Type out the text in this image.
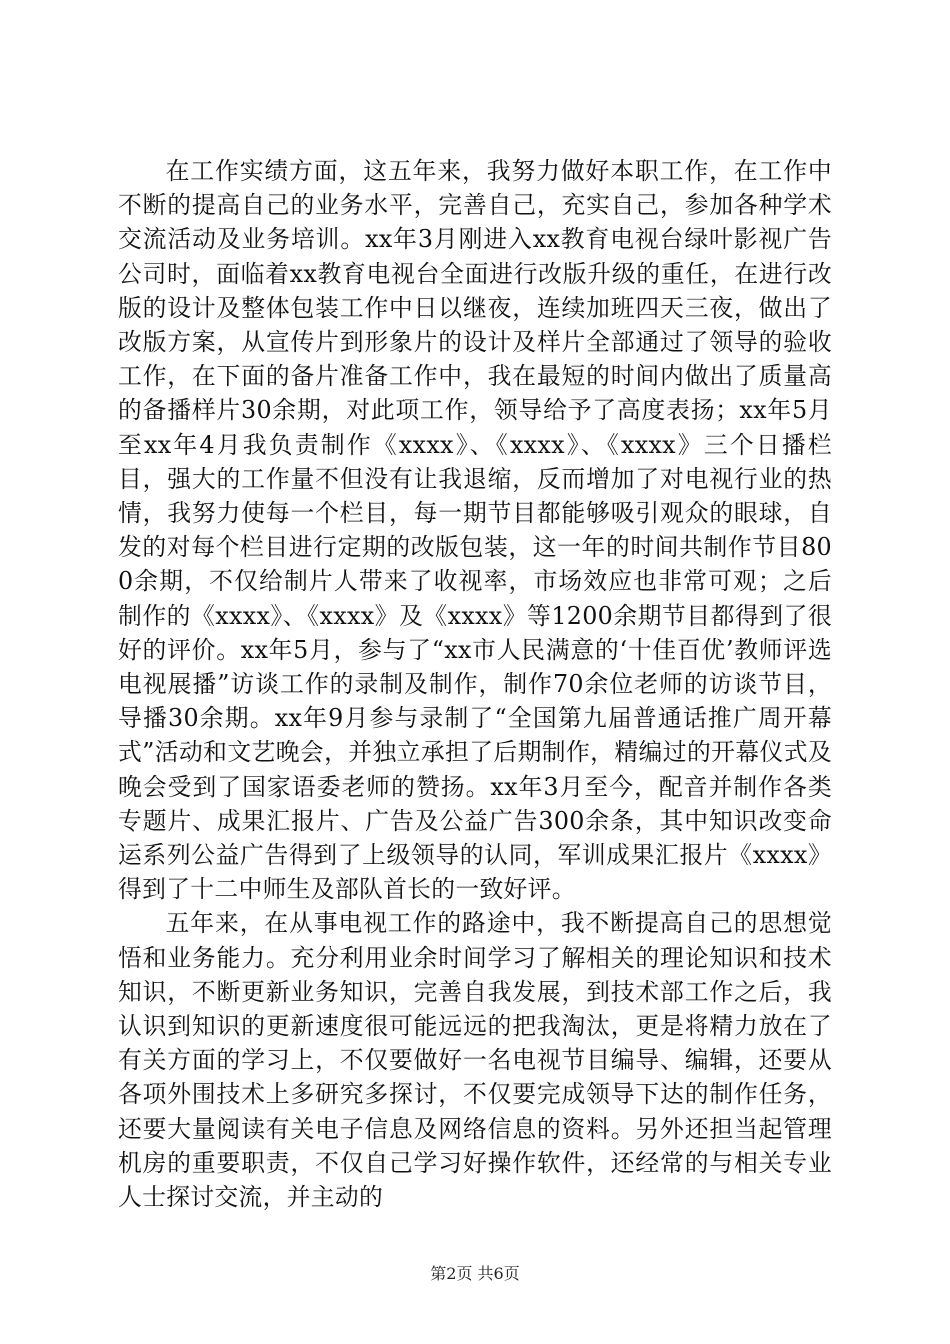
在工作实绩方面，这五年来，我努力做好本职工作，在工作中不断的提高自己的业务水平，完善自己，充实自己，参加各种学术交流活动及业务培训。xx年3月刚进入xx教育电视台绿叶影视广告公司时，面临着xx教育电视台全面进行改版升级的重任，在进行改版的设计及整体包装工作中日以继夜，连续加班四天三夜，做出了改版方案，从宣传片到形象片的设计及样片全部通过了领导的验收工作，在下面的备片准备工作中，我在最短的时间内做出了质量高的备播样片30余期，对此项工作，领导给予了高度表扬；xx年5月至xx年4月我负责制作《xxxx》、《xxxx》、《xxxx》三个日播栏目，强大的工作量不但没有让我退缩，反而增加了对电视行业的热情，我努力使每一个栏目，每一期节目都能够吸引观众的眼球，自发的对每个栏目进行定期的改版包装，这一年的时间共制作节目800余期，不仅给制片人带来了收视率，市场效应也非常可观；之后制作的《xxxx》、《xxxx》及《xxxx》等1200余期节目都得到了很好的评价。xx年5月，参与了“xx市人民满意的‘十佳百优’教师评选电视展播”访谈工作的录制及制作，制作70余位老师的访谈节目，导播30余期。xx年9月参与录制了“全国第九届普通话推广周开幕式”活动和文艺晚会，并独立承担了后期制作，精编过的开幕仪式及晚会受到了国家语委老师的赞扬。xx年3月至今，配音并制作各类专题片、成果汇报片、广告及公益广告300余条，其中知识改变命运系列公益广告得到了上级领导的认同，军训成果汇报片《xxxx》得到了十二中师生及部队首长的一致好评。

五年来，在从事电视工作的路途中，我不断提高自己的思想觉悟和业务能力。充分利用业余时间学习了解相关的理论知识和技术知识，不断更新业务知识，完善自我发展，到技术部工作之后，我认识到知识的更新速度很可能远远的把我淘汰，更是将精力放在了有关方面的学习上，不仅要做好一名电视节目编导、编辑，还要从各项外围技术上多研究多探讨，不仅要完成领导下达的制作任务，还要大量阅读有关电子信息及网络信息的资料。另外还担当起管理机房的重要职责，不仅自己学习好操作软件，还经常的与相关专业人士探讨交流，并主动的

第2页 共6页
